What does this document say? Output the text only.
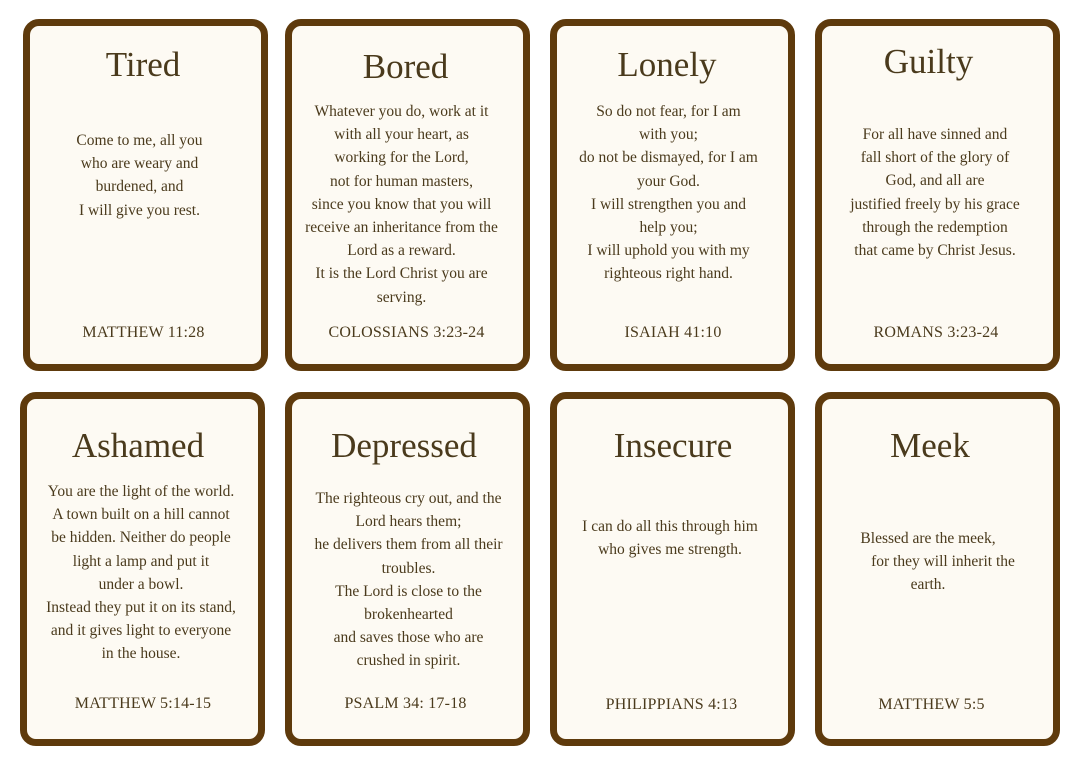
Tired
Come to me, all you
who are weary and
burdened, and
I will give you rest.
MATTHEW 11:28
Bored
Whatever you do, work at it
with all your heart, as
working for the Lord,
not for human masters,
since you know that you will
receive an inheritance from the
Lord as a reward.
It is the Lord Christ you are
serving.
COLOSSIANS 3:23-24
Lonely
So do not fear, for I am
with you;
do not be dismayed, for I am
your God.
I will strengthen you and
help you;
I will uphold you with my
righteous right hand.
ISAIAH 41:10
Guilty
For all have sinned and
fall short of the glory of
God, and all are
justified freely by his grace
through the redemption
that came by Christ Jesus.
ROMANS 3:23-24
Ashamed
You are the light of the world.
A town built on a hill cannot
be hidden. Neither do people
light a lamp and put it
under a bowl.
Instead they put it on its stand,
and it gives light to everyone
in the house.
MATTHEW 5:14-15
Depressed
The righteous cry out, and the
Lord hears them;
he delivers them from all their
troubles.
The Lord is close to the
brokenhearted
and saves those who are
crushed in spirit.
PSALM 34: 17-18
Insecure
I can do all this through him
who gives me strength.
PHILIPPIANS 4:13
Meek
Blessed are the meek,
for they will inherit the
earth.
MATTHEW 5:5
